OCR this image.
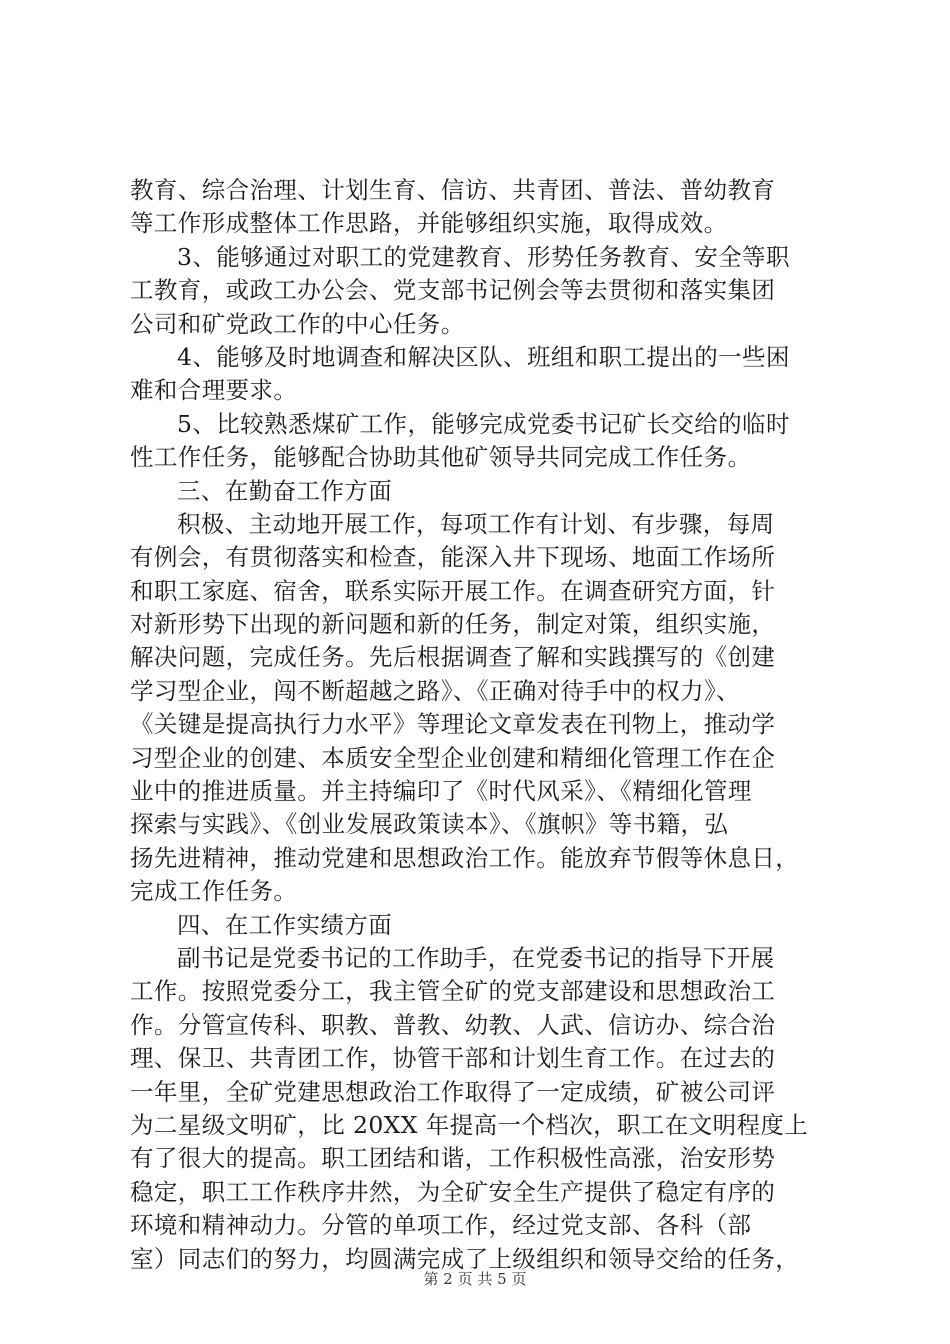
教育、综合治理、计划生育、信访、共青团、普法、普幼教育
等工作形成整体工作思路，并能够组织实施，取得成效。
3、能够通过对职工的党建教育、形势任务教育、安全等职
工教育，或政工办公会、党支部书记例会等去贯彻和落实集团
公司和矿党政工作的中心任务。
4、能够及时地调查和解决区队、班组和职工提出的一些困
难和合理要求。
5、比较熟悉煤矿工作，能够完成党委书记矿长交给的临时
性工作任务，能够配合协助其他矿领导共同完成工作任务。
三、在勤奋工作方面
积极、主动地开展工作，每项工作有计划、有步骤，每周
有例会，有贯彻落实和检查，能深入井下现场、地面工作场所
和职工家庭、宿舍，联系实际开展工作。在调查研究方面，针
对新形势下出现的新问题和新的任务，制定对策，组织实施，
解决问题，完成任务。先后根据调查了解和实践撰写的《创建
学习型企业，闯不断超越之路》、《正确对待手中的权力》、
《关键是提高执行力水平》等理论文章发表在刊物上，推动学
习型企业的创建、本质安全型企业创建和精细化管理工作在企
业中的推进质量。并主持编印了《时代风采》、《精细化管理
探索与实践》、《创业发展政策读本》、《旗帜》等书籍，弘
扬先进精神，推动党建和思想政治工作。能放弃节假等休息日，
完成工作任务。
四、在工作实绩方面
副书记是党委书记的工作助手，在党委书记的指导下开展
工作。按照党委分工，我主管全矿的党支部建设和思想政治工
作。分管宣传科、职教、普教、幼教、人武、信访办、综合治
理、保卫、共青团工作，协管干部和计划生育工作。在过去的
一年里，全矿党建思想政治工作取得了一定成绩，矿被公司评
为二星级文明矿，比 20XX 年提高一个档次，职工在文明程度上
有了很大的提高。职工团结和谐，工作积极性高涨，治安形势
稳定，职工工作秩序井然，为全矿安全生产提供了稳定有序的
环境和精神动力。分管的单项工作，经过党支部、各科（部
室）同志们的努力，均圆满完成了上级组织和领导交给的任务，
第 2 页 共 5 页
